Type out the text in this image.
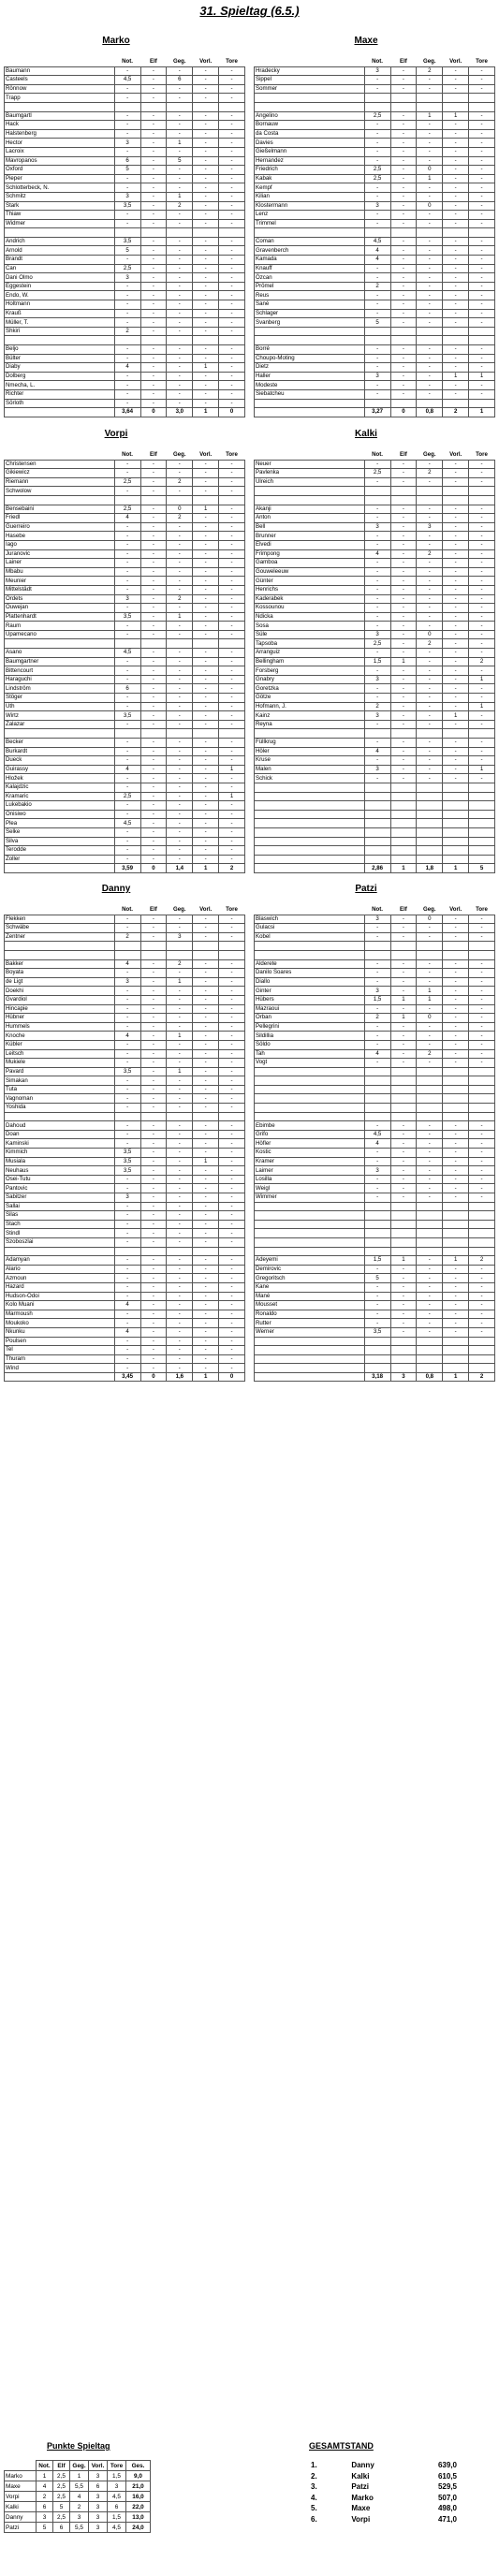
31. Spieltag (6.5.)
Marko
	Not.	Elf	Geg.	Vorl.	Tore
Baumann	-	-	-	-	-
Casteels	4,5	-	6	-	-
Rönnow	-	-	-	-	-
Trapp	-	-	-	-	-

Baumgartl	-	-	-	-	-
Hack	-	-	-	-	-
Halstenberg	-	-	-	-	-
Hector	3	-	1	-	-
Lacroix	-	-	-	-	-
Mavropanos	6	-	5	-	-
Oxford	5	-	-	-	-
Pieper	-	-	-	-	-
Schlotterbeck, N.	-	-	-	-	-
Schmitz	3	-	1	-	-
Stark	3,5	-	2	-	-
Thiaw	-	-	-	-	-
Widmer	-	-	-	-	-

Andrich	3,5	-	-	-	-
Arnold	5	-	-	-	-
Brandt	-	-	-	-	-
Can	2,5	-	-	-	-
Dani Olmo	3	-	-	-	-
Eggestein	-	-	-	-	-
Endo, W.	-	-	-	-	-
Holtmann	-	-	-	-	-
Krauß	-	-	-	-	-
Müller, T.	-	-	-	-	-
Shkiri	2	-	-	-	-

Beljo	-	-	-	-	-
Bülter	-	-	-	-	-
Diaby	4	-	-	1	-
Dolberg	-	-	-	-	-
Nmecha, L.	-	-	-	-	-
Richter	-	-	-	-	-
Sörloth	-	-	-	-	-
	3,64	0	3,0	1	0
Maxe
	Not.	Elf	Geg.	Vorl.	Tore
Hradecky	3	-	2	-	-
Sippel	-	-	-	-	-
Sommer	-	-	-	-	-

Angelino	2,5	-	1	1	-
Bornauw	-	-	-	-	-
da Costa	-	-	-	-	-
Davies	-	-	-	-	-
Gießelmann	-	-	-	-	-
Hernandez	-	-	-	-	-
Friedrich	2,5	-	0	-	-
Kabak	2,5	-	1	-	-
Kempf	-	-	-	-	-
Kilian	-	-	-	-	-
Klostermann	3	-	0	-	-
Lenz	-	-	-	-	-
Trimmel	-	-	-	-	-

Coman	4,5	-	-	-	-
Gravenberch	4	-	-	-	-
Kamada	4	-	-	-	-
Knauff	-	-	-	-	-
Özcan	-	-	-	-	-
Prömel	2	-	-	-	-
Reus	-	-	-	-	-
Sané	-	-	-	-	-
Schlager	-	-	-	-	-
Svanberg	5	-	-	-	-

Borré	-	-	-	-	-
Choupo-Moting	-	-	-	-	-
Dietz	-	-	-	-	-
Haller	3	-	-	1	1
Modeste	-	-	-	-	-
Siebatcheu	-	-	-	-	-

	3,27	0	0,8	2	1
Vorpi
	Not.	Elf	Geg.	Vorl.	Tore
Christensen	-	-	-	-	-
Gikiewicz	-	-	-	-	-
Riemann	2,5	-	2	-	-
Schwolow	-	-	-	-	-

Bensebaini	2,5	-	0	1	-
Friedl	4	-	2	-	-
Guerreiro	-	-	-	-	-
Hasebe	-	-	-	-	-
Iago	-	-	-	-	-
Juranovic	-	-	-	-	-
Lainer	-	-	-	-	-
Mbabu	-	-	-	-	-
Meunier	-	-	-	-	-
Mittelstädt	-	-	-	-	-
Ordets	3	-	2	-	-
Ouwejan	-	-	-	-	-
Plattenhardt	3,5	-	1	-	-
Raum	-	-	-	-	-
Upamecano	-	-	-	-	-

Asano	4,5	-	-	-	-
Baumgartner	-	-	-	-	-
Bittencourt	-	-	-	-	-
Haraguchi	-	-	-	-	-
Lindström	6	-	-	-	-
Stöger	-	-	-	-	-
Uth	-	-	-	-	-
Wirtz	3,5	-	-	-	-
Zalazar	-	-	-	-	-

Becker	-	-	-	-	-
Burkardt	-	-	-	-	-
Dueck	-	-	-	-	-
Guirassy	4	-	-	-	1
Hložek	-	-	-	-	-
Kalajdzic	-	-	-	-	-
Kramaric	2,5	-	-	-	1
Lukebakio	-	-	-	-	-
Onisiwo	-	-	-	-	-
Plea	4,5	-	-	-	-
Selke	-	-	-	-	-
Silva	-	-	-	-	-
Terodde	-	-	-	-	-
Zoller	-	-	-	-	-
	3,59	0	1,4	1	2
Kalki
	Not.	Elf	Geg.	Vorl.	Tore
Neuer	-	-	-	-	-
Pavlenka	2,5	-	2	-	-
Ulreich	-	-	-	-	-

Akanji	-	-	-	-	-
Anton	-	-	-	-	-
Bell	3	-	3	-	-
Brunner	-	-	-	-	-
Elvedi	-	-	-	-	-
Frimpong	4	-	2	-	-
Gamboa	-	-	-	-	-
Gouweleeuw	-	-	-	-	-
Günter	-	-	-	-	-
Henrichs	-	-	-	-	-
Kaderabek	-	-	-	-	-
Kossounou	-	-	-	-	-
Ndicka	-	-	-	-	-
Sosa	-	-	-	-	-
Süle	3	-	0	-	-
Tapsoba	2,5	-	2	-	-
Arranguiz	-	-	-	-	-
Bellingham	1,5	1	-	-	2
Forsberg	-	-	-	-	-
Gnabry	3	-	-	-	1
Goretzka	-	-	-	-	-
Götze	-	-	-	-	-
Hofmann, J.	2	-	-	-	1
Kainz	3	-	-	1	-
Reyna	-	-	-	-	-

Füllkrug	-	-	-	-	-
Höler	4	-	-	-	-
Kruse	-	-	-	-	-
Malen	3	-	-	-	1
Schick	-	-	-	-	-

	2,86	1	1,8	1	5
Danny
	Not.	Elf	Geg.	Vorl.	Tore
Flekken	-	-	-	-	-
Schwäbe	-	-	-	-	-
Zentner	2	-	3	-	-

Bakker	4	-	2	-	-
Boyata	-	-	-	-	-
de Ligt	3	-	1	-	-
Doekhi	-	-	-	-	-
Gvardiol	-	-	-	-	-
Hincapie	-	-	-	-	-
Hübner	-	-	-	-	-
Hummels	-	-	-	-	-
Knoche	4	-	1	-	-
Kübler	-	-	-	-	-
Leitsch	-	-	-	-	-
Mukiele	-	-	-	-	-
Pavard	3,5	-	1	-	-
Simakan	-	-	-	-	-
Tuta	-	-	-	-	-
Vagnoman	-	-	-	-	-
Yoshida	-	-	-	-	-

Dahoud	-	-	-	-	-
Doan	-	-	-	-	-
Kaminski	-	-	-	-	-
Kimmich	3,5	-	-	-	-
Musiala	3,5	-	-	1	-
Neuhaus	3,5	-	-	-	-
Osei-Tutu	-	-	-	-	-
Pantovic	-	-	-	-	-
Sabitzer	3	-	-	-	-
Sallai	-	-	-	-	-
Silas	-	-	-	-	-
Stach	-	-	-	-	-
Stindl	-	-	-	-	-
Szoboszlai	-	-	-	-	-

Adamyan	-	-	-	-	-
Alario	-	-	-	-	-
Azmoun	-	-	-	-	-
Hazard	-	-	-	-	-
Hudson-Odoi	-	-	-	-	-
Kolo Muani	4	-	-	-	-
Marmoush	-	-	-	-	-
Moukoko	-	-	-	-	-
Nkunku	4	-	-	-	-
Poulsen	-	-	-	-	-
Tel	-	-	-	-	-
Thuram	-	-	-	-	-
Wind	-	-	-	-	-
	3,45	0	1,6	1	0
Patzi
	Not.	Elf	Geg.	Vorl.	Tore
Blaswich	3	-	0	-	-
Gulacsi	-	-	-	-	-
Kobel	-	-	-	-	-

Alderete	-	-	-	-	-
Danilo Soares	-	-	-	-	-
Diallo	-	-	-	-	-
Ginter	3	-	1	-	-
Hübers	1,5	1	1	-	-
Mazraoui	-	-	-	-	-
Orban	2	1	0	-	-
Pellegrini	-	-	-	-	-
Sildillia	-	-	-	-	-
Söldo	-	-	-	-	-
Tah	4	-	2	-	-
Vogt	-	-	-	-	-

Ebimbe	-	-	-	-	-
Grifo	4,5	-	-	-	-
Höfler	4	-	-	-	-
Kostic	-	-	-	-	-
Kramer	-	-	-	-	-
Laimer	3	-	-	-	-
Losilla	-	-	-	-	-
Weigl	-	-	-	-	-
Wimmer	-	-	-	-	-

Adeyemi	1,5	1	-	1	2
Demirovic	-	-	-	-	-
Gregoritsch	5	-	-	-	-
Kane	-	-	-	-	-
Mané	-	-	-	-	-
Mousset	-	-	-	-	-
Ronaldo	-	-	-	-	-
Rutter	-	-	-	-	-
Werner	3,5	-	-	-	-

	3,18	3	0,8	1	2
Punkte Spieltag
	Not.	Elf	Geg.	Vorl.	Tore	Ges.
Marko	1	2,5	1	3	1,5	9,0
Maxe	4	2,5	5,5	6	3	21,0
Vorpi	2	2,5	4	3	4,5	16,0
Kalki	6	5	2	3	6	22,0
Danny	3	2,5	3	3	1,5	13,0
Patzi	5	6	5,5	3	4,5	24,0
GESAMTSTAND
1.	Danny	639,0
2.	Kalki	610,5
3.	Patzi	529,5
4.	Marko	507,0
5.	Maxe	498,0
6.	Vorpi	471,0
